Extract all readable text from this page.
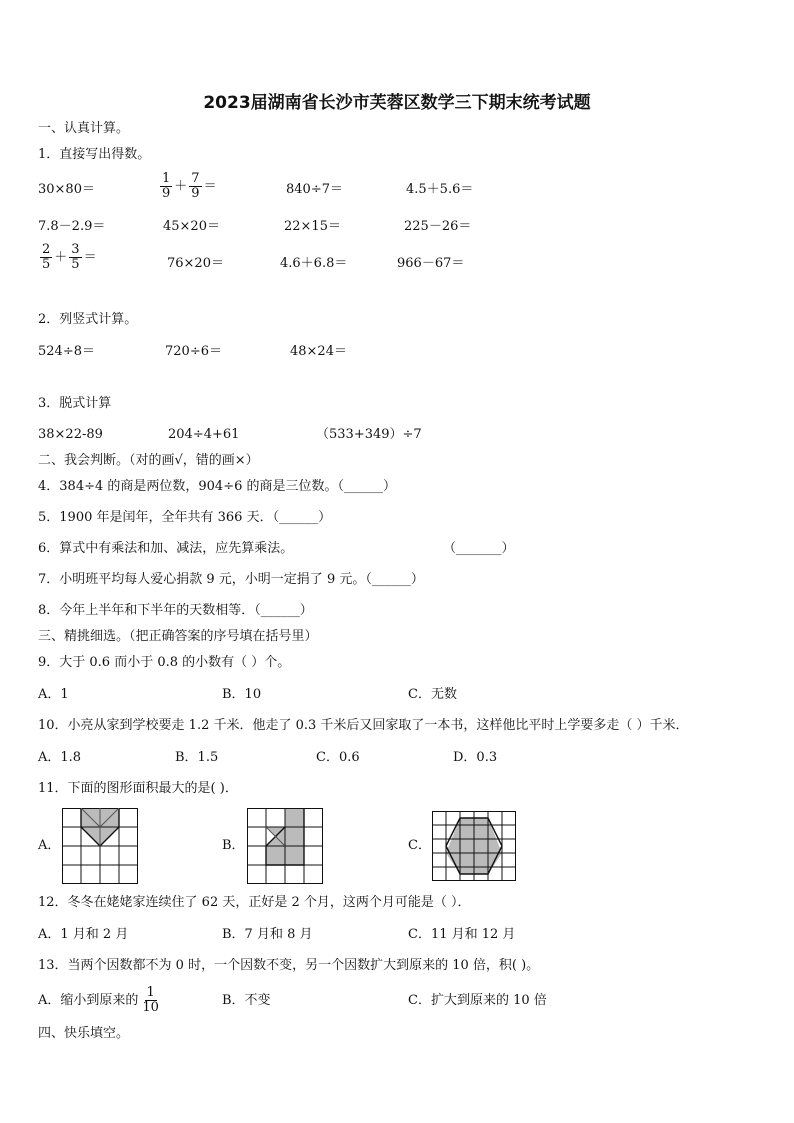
2023届湖南省长沙市芙蓉区数学三下期末统考试题
一、认真计算。
1．直接写出得数。
30×80＝	$\frac{1}{9} + \frac{7}{9}$ ＝	840÷7＝	4.5＋5.6＝
7.8－2.9＝	45×20＝	22×15＝	225－26＝
$\frac{2}{5} + \frac{3}{5}$ ＝	76×20＝	4.6＋6.8＝	966－67＝
2．列竖式计算。
524÷8＝	720÷6＝	48×24＝
3．脱式计算
38×22-89	204÷4+61	（533+349）÷7
二、我会判断。（对的画√，错的画×）
4．384÷4 的商是两位数，904÷6 的商是三位数。（______）
5．1900 年是闰年，全年共有 366 天．（______）
6．算式中有乘法和加、减法，应先算乘法。	（_______）
7．小明班平均每人爱心捐款 9 元，小明一定捐了 9 元。（______）
8．今年上半年和下半年的天数相等．（______）
三、精挑细选。（把正确答案的序号填在括号里）
9．大于 0.6 而小于 0.8 的小数有（ ）个。
A．1	B．10	C．无数
10．小亮从家到学校要走 1.2 千米．他走了 0.3 千米后又回家取了一本书，这样他比平时上学要多走（ ）千米．
A．1.8	B．1.5	C．0.6	D．0.3
11．下面的图形面积最大的是( )．
A．	B．	C．
12．冬冬在姥姥家连续住了 62 天，正好是 2 个月，这两个月可能是（ ）．
A．1 月和 2 月	B．7 月和 8 月	C．11 月和 12 月
13．当两个因数都不为 0 时，一个因数不变，另一个因数扩大到原来的 10 倍，积( )。
A．缩小到原来的 $\frac{1}{10}$	B．不变	C．扩大到原来的 10 倍
四、快乐填空。
